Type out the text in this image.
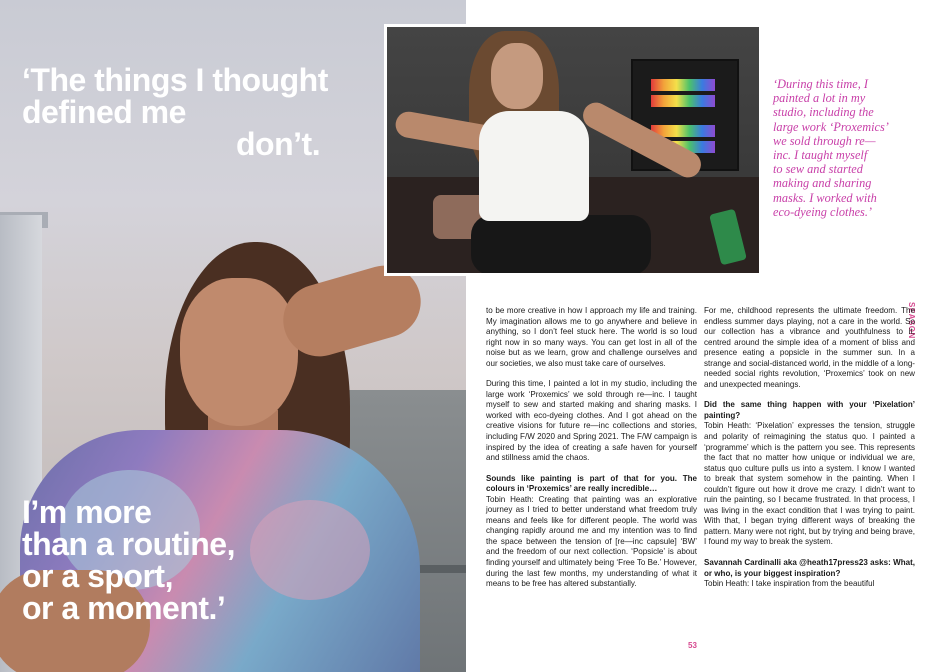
‘The things I thought
defined me
don’t.
I’m more
than a routine,
or a sport,
or a moment.’
‘During this time, I
painted a lot in my
studio, including the
large work ‘Proxemics’
we sold through re—
inc. I taught myself
to sew and started
making and sharing
masks. I worked with
eco-dyeing clothes.’
SEASON

to be more creative in how I approach my life and training. My imagination allows me to go anywhere and believe in anything, so I don’t feel stuck here. The world is so loud right now in so many ways. You can get lost in all of the noise but as we learn, grow and challenge ourselves and our societies, we also must take care of ourselves.

During this time, I painted a lot in my studio, including the large work ‘Proxemics’ we sold through re—inc. I taught myself to sew and started making and sharing masks. I worked with eco-dyeing clothes. And I got ahead on the creative visions for future re—inc collections and stories, including F/W 2020 and Spring 2021. The F/W campaign is inspired by the idea of creating a safe haven for yourself and stillness amid the chaos.

Sounds like painting is part of that for you. The colours in ‘Proxemics’ are really incredible…
Tobin Heath: Creating that painting was an explorative journey as I tried to better understand what freedom truly means and feels like for different people. The world was changing rapidly around me and my intention was to find the space between the tension of [re—inc capsule] ‘BW’ and the freedom of our next collection. ‘Popsicle’ is about finding yourself and ultimately being ‘Free To Be.’ However, during the last few months, my understanding of what it means to be free has altered substantially.

For me, childhood represents the ultimate freedom. The endless summer days playing, not a care in the world. So our collection has a vibrance and youthfulness to it, centred around the simple idea of a moment of bliss and presence eating a popsicle in the summer sun. In a strange and social-distanced world, in the middle of a long-needed social rights revolution, ‘Proxemics’ took on new and unexpected meanings.

Did the same thing happen with your ‘Pixelation’ painting?
Tobin Heath: ‘Pixelation’ expresses the tension, struggle and polarity of reimagining the status quo. I painted a ‘programme’ which is the pattern you see. This represents the fact that no matter how unique or individual we are, status quo culture pulls us into a system. I know I wanted to break that system somehow in the painting. When I couldn’t figure out how it drove me crazy. I didn’t want to ruin the painting, so I became frustrated. In that process, I was living in the exact condition that I was trying to paint. With that, I began trying different ways of breaking the pattern. Many were not right, but by trying and being brave, I found my way to break the system.

Savannah Cardinalli aka @heath17press23 asks: What, or who, is your biggest inspiration?
Tobin Heath: I take inspiration from the beautiful

53
